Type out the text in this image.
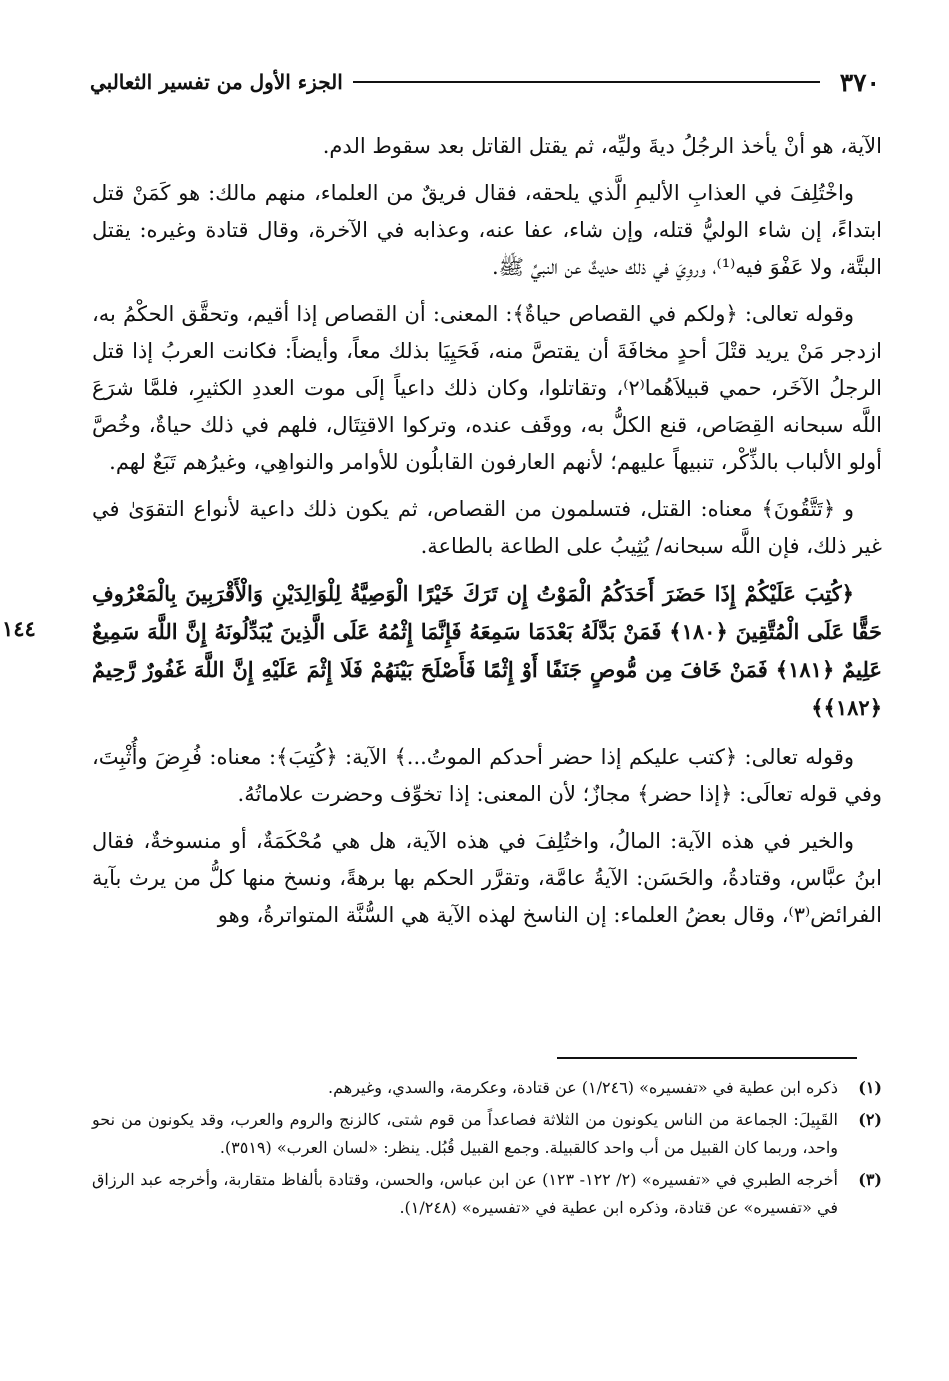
٣٧٠
الجزء الأول من تفسير الثعالبي
١٤٤

الآية، هو أنْ يأخذ الرجُلُ ديةَ وليِّه، ثم يقتل القاتل بعد سقوط الدم.

واخْتُلِفَ في العذابِ الأليمِ الَّذي يلحقه، فقال فريقٌ من العلماء، منهم مالك: هو كَمَنْ قتل ابتداءً، إن شاء الوليُّ قتله، وإن شاء، عفا عنه، وعذابه في الآخرة، وقال قتادة وغيره: يقتل البتَّة، ولا عَفْوَ فيه⁽¹⁾، وروِيَ في ذلك حديثٌ عن النبيِّ ﷺ.

وقوله تعالى: ﴿ولكم في القصاص حياةٌ﴾: المعنى: أن القصاص إذا أقيم، وتحقَّق الحكْمُ به، ازدجر مَنْ يريد قتْلَ أحدٍ مخافَةَ أن يقتصَّ منه، فَحَيِيَا بذلك معاً، وأيضاً: فكانت العربُ إذا قتل الرجلُ الآخَر، حمي قبيلاَهُما⁽٢⁾، وتقاتلوا، وكان ذلك داعياً إلَى موت العددِ الكثيرِ، فلمَّا شرَعَ اللَّه سبحانه القِصَاص، قنع الكلُّ به، ووقَف عنده، وتركوا الاقتِتَال، فلهم في ذلك حياةٌ، وخُصَّ أولو الألباب بالذِّكْر، تنبيهاً عليهم؛ لأنهم العارفون القابلُون للأوامر والنواهِي، وغيرُهم تَبَعٌ لهم.

و ﴿تَتَّقُونَ﴾ معناه: القتل، فتسلمون من القصاص، ثم يكون ذلك داعية لأنواع التقوَىٰ في غير ذلك، فإن اللَّه سبحانه/ يُثِيبُ على الطاعة بالطاعة.

﴿كُتِبَ عَلَيْكُمْ إِذَا حَضَرَ أَحَدَكُمُ الْمَوْتُ إِن تَرَكَ خَيْرًا الْوَصِيَّةُ لِلْوَالِدَيْنِ وَالْأَقْرَبِينَ بِالْمَعْرُوفِ حَقًّا عَلَى الْمُتَّقِينَ ﴿١٨٠﴾ فَمَنْ بَدَّلَهُ بَعْدَمَا سَمِعَهُ فَإِنَّمَا إِثْمُهُ عَلَى الَّذِينَ يُبَدِّلُونَهُ إِنَّ اللَّهَ سَمِيعٌ عَلِيمٌ ﴿١٨١﴾ فَمَنْ خَافَ مِن مُّوصٍ جَنَفًا أَوْ إِثْمًا فَأَصْلَحَ بَيْنَهُمْ فَلَا إِثْمَ عَلَيْهِ إِنَّ اللَّهَ غَفُورٌ رَّحِيمٌ ﴿١٨٢﴾﴾

وقوله تعالى: ﴿كتب عليكم إذا حضر أحدكم الموتُ...﴾ الآية: ﴿كُتِبَ﴾: معناه: فُرِضَ وأُثْبِتَ، وفي قوله تعالَى: ﴿إذا حضر﴾ مجازٌ؛ لأن المعنى: إذا تخوِّف وحضرت علاماتُهُ.

والخير في هذه الآية: المالُ، واختُلِفَ في هذه الآية، هل هي مُحْكَمَةٌ، أو منسوخةٌ، فقال ابنُ عبَّاس، وقتادةُ، والحَسَن: الآيةُ عامَّة، وتقرَّر الحكم بها برهةً، ونسخ منها كلُّ من يرث بآية الفرائض⁽٣⁾، وقال بعضُ العلماء: إن الناسخ لهذه الآية هي السُّنَّة المتواترةُ، وهو

(١)
ذكره ابن عطية في «تفسيره» (١/٢٤٦) عن قتادة، وعكرمة، والسدي، وغيرهم.
(٢)
القَبِيلَ: الجماعة من الناس يكونون من الثلاثة فصاعداً من قوم شتى، كالزنج والروم والعرب، وقد يكونون من نحو واحد، وربما كان القبيل من أب واحد كالقبيلة. وجمع القبيل قُبُل. ينظر: «لسان العرب» (٣٥١٩).
(٣)
أخرجه الطبري في «تفسيره» (٢/ ١٢٢- ١٢٣) عن ابن عباس، والحسن، وقتادة بألفاظ متقاربة، وأخرجه عبد الرزاق في «تفسيره» عن قتادة، وذكره ابن عطية في «تفسيره» (١/٢٤٨).
